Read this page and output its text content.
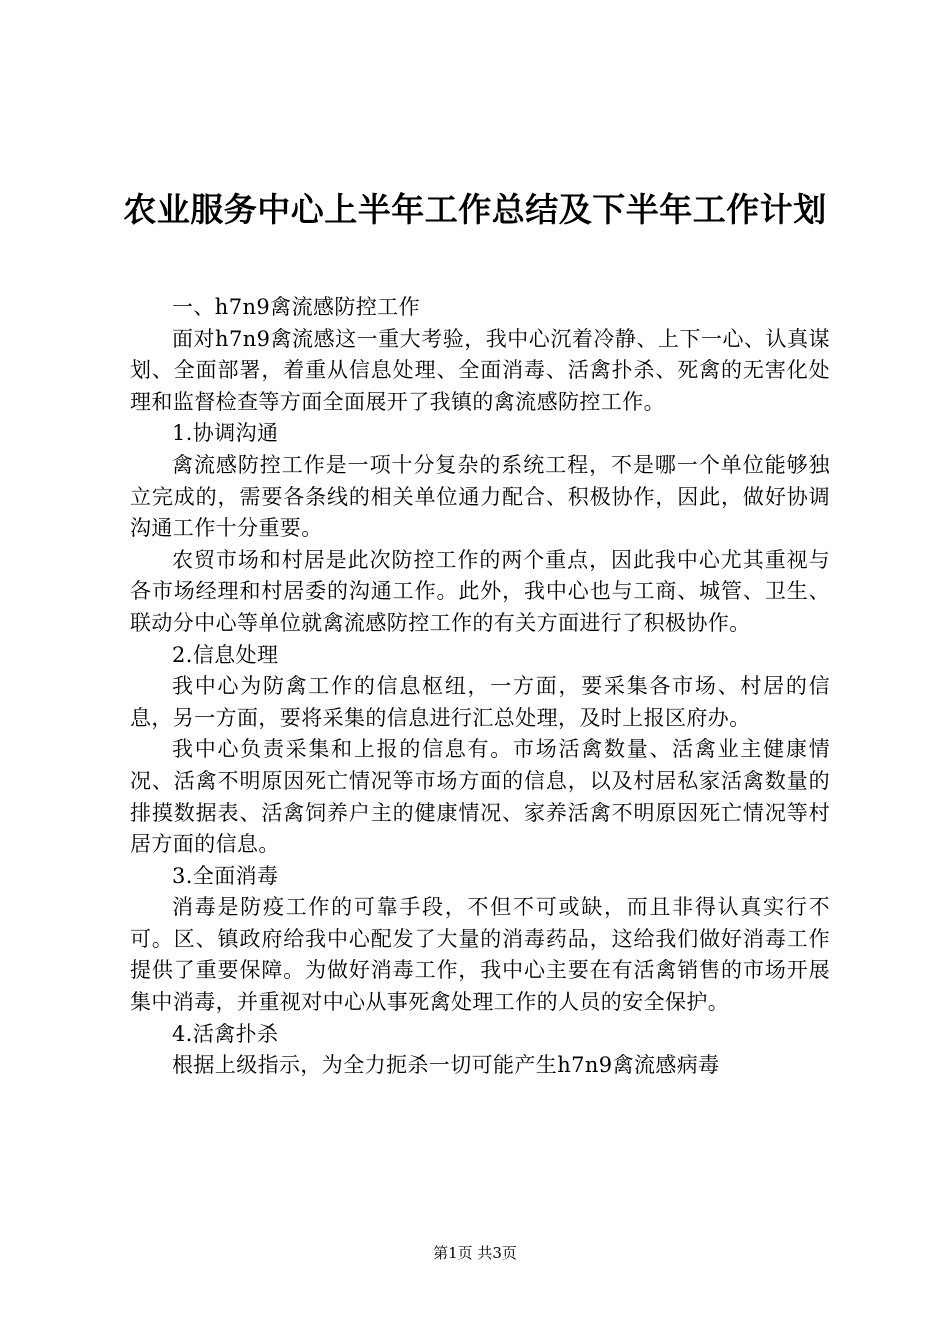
农业服务中心上半年工作总结及下半年工作计划

一、h7n9禽流感防控工作

面对h7n9禽流感这一重大考验，我中心沉着冷静、上下一心、认真谋划、全面部署，着重从信息处理、全面消毒、活禽扑杀、死禽的无害化处理和监督检查等方面全面展开了我镇的禽流感防控工作。

1.协调沟通

禽流感防控工作是一项十分复杂的系统工程，不是哪一个单位能够独立完成的，需要各条线的相关单位通力配合、积极协作，因此，做好协调沟通工作十分重要。

农贸市场和村居是此次防控工作的两个重点，因此我中心尤其重视与各市场经理和村居委的沟通工作。此外，我中心也与工商、城管、卫生、联动分中心等单位就禽流感防控工作的有关方面进行了积极协作。

2.信息处理

我中心为防禽工作的信息枢纽，一方面，要采集各市场、村居的信息，另一方面，要将采集的信息进行汇总处理，及时上报区府办。

我中心负责采集和上报的信息有。市场活禽数量、活禽业主健康情况、活禽不明原因死亡情况等市场方面的信息，以及村居私家活禽数量的排摸数据表、活禽饲养户主的健康情况、家养活禽不明原因死亡情况等村居方面的信息。

3.全面消毒

消毒是防疫工作的可靠手段，不但不可或缺，而且非得认真实行不可。区、镇政府给我中心配发了大量的消毒药品，这给我们做好消毒工作提供了重要保障。为做好消毒工作，我中心主要在有活禽销售的市场开展集中消毒，并重视对中心从事死禽处理工作的人员的安全保护。

4.活禽扑杀

根据上级指示，为全力扼杀一切可能产生h7n9禽流感病毒

第1页 共3页
